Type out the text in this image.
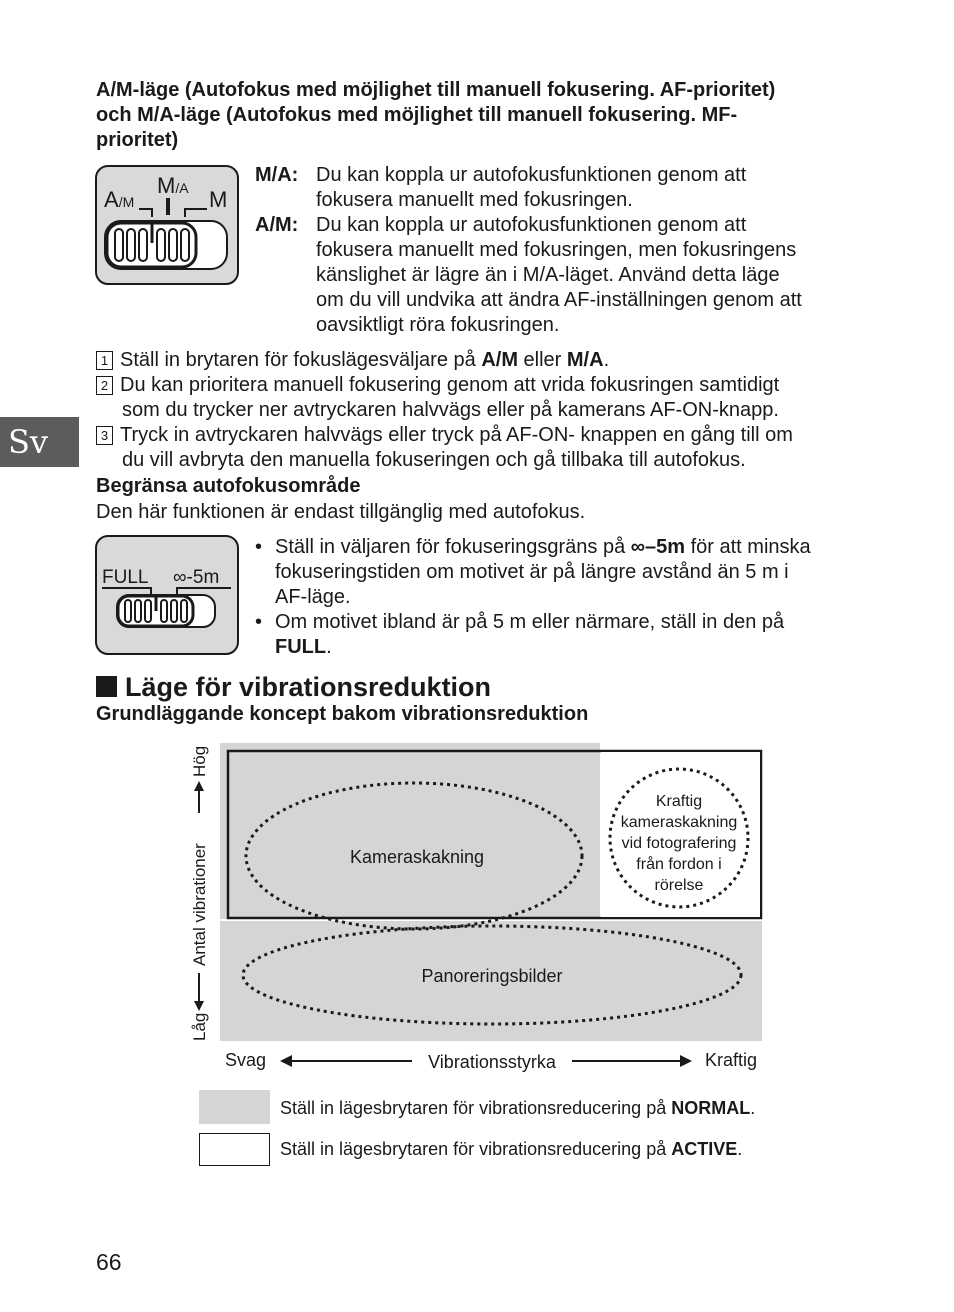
Sv
A/M-läge (Autofokus med möjlighet till manuell fokusering. AF-prioritet)
och M/A-läge (Autofokus med möjlighet till manuell fokusering. MF-
prioritet)
A/M
M/A M
M/A: Du kan koppla ur autofokusfunktionen genom att
fokusera manuellt med fokusringen.
A/M: Du kan koppla ur autofokusfunktionen genom att
fokusera manuellt med fokusringen, men fokusringens
känslighet är lägre än i M/A-läget. Använd detta läge
om du vill undvika att ändra AF-inställningen genom att
oavsiktligt röra fokusringen.
1 Ställ in brytaren för fokuslägesväljare på A/M eller M/A.
2 Du kan prioritera manuell fokusering genom att vrida fokusringen samtidigt
som du trycker ner avtryckaren halvvägs eller på kamerans AF-ON-knapp.
3 Tryck in avtryckaren halvvägs eller tryck på AF-ON- knappen en gång till om
du vill avbryta den manuella fokuseringen och gå tillbaka till autofokus.
Begränsa autofokusområde
Den här funktionen är endast tillgänglig med autofokus.
FULL ∞-5m
• Ställ in väljaren för fokuseringsgräns på ∞–5m för att minska
fokuseringstiden om motivet är på längre avstånd än 5 m i
AF-läge.
• Om motivet ibland är på 5 m eller närmare, ställ in den på
FULL.
Läge för vibrationsreduktion
Grundläggande koncept bakom vibrationsreduktion
Kameraskakning
Panoreringsbilder
Kraftig
kameraskakning
vid fotografering
från fordon i
rörelse
Låg
Antal vibrationer
Hög
Svag	Vibrationsstyrka	Kraftig
Ställ in lägesbrytaren för vibrationsreducering på NORMAL.
Ställ in lägesbrytaren för vibrationsreducering på ACTIVE.
66
